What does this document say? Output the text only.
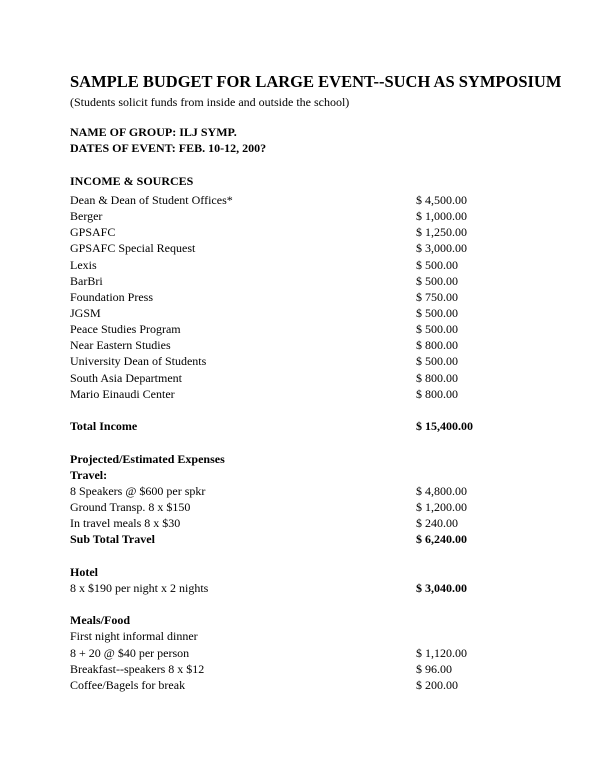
SAMPLE BUDGET FOR LARGE EVENT--SUCH AS SYMPOSIUM
(Students solicit funds from inside and outside the school)
NAME OF GROUP: ILJ SYMP.
DATES OF EVENT: FEB. 10-12, 200?
INCOME & SOURCES
Dean & Dean of Student Offices*	$ 4,500.00
Berger	$ 1,000.00
GPSAFC	$ 1,250.00
GPSAFC Special Request	$ 3,000.00
Lexis	$ 500.00
BarBri	$ 500.00
Foundation Press	$ 750.00
JGSM	$ 500.00
Peace Studies Program	$ 500.00
Near Eastern Studies	$ 800.00
University Dean of Students	$ 500.00
South Asia Department	$ 800.00
Mario Einaudi Center	$ 800.00
Total Income	$ 15,400.00
Projected/Estimated Expenses
Travel:
8 Speakers @ $600 per spkr	$ 4,800.00
Ground Transp. 8 x $150	$ 1,200.00
In travel meals 8 x $30	$ 240.00
Sub Total Travel	$ 6,240.00
Hotel
8 x $190 per night x 2 nights	$ 3,040.00
Meals/Food
First night informal dinner
8 + 20 @ $40 per person	$ 1,120.00
Breakfast--speakers 8 x $12	$ 96.00
Coffee/Bagels for break	$ 200.00
